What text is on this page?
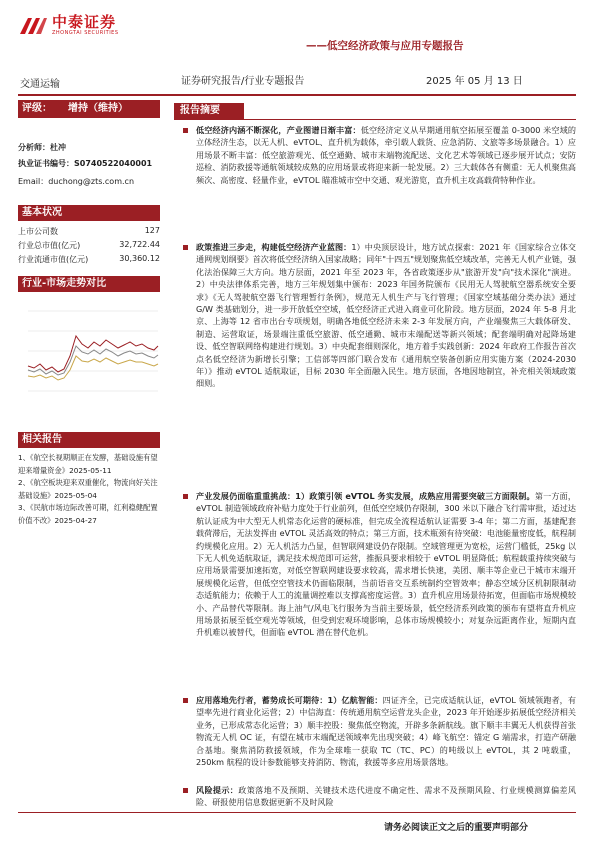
中泰证券
ZHONGTAI SECURITIES
——低空经济政策与应用专题报告
交通运输	证券研究报告/行业专题报告	2025 年 05 月 13 日
评级： 增持（维持）
分析师：杜冲
执业证书编号：S0740522040001
Email：duchong@zts.com.cn
基本状况
上市公司数	127
行业总市值(亿元)	32,722.44
行业流通市值(亿元)	30,360.12
行业-市场走势对比
相关报告
1、《航空长视期顺正在发酵，基础设施有望迎来增量资金》2025-05-11
2、《航空板块迎来双重催化，物流向好关注基础设施》2025-05-04
3、《民航市场边际改善可期，红利稳健配置价值不改》2025-04-27
报告摘要

低空经济内涵不断深化，产业图谱日渐丰富：低空经济定义从早期通用航空拓展至覆盖 0-3000 米空域的立体经济生态，以无人机、eVTOL、直升机为载体，牵引载人载货、应急消防、文旅等多场景融合。1）应用场景不断丰富：低空旅游观光、低空通勤、城市末端物流配送、文化艺术等领域已逐步展开试点；安防巡检、消防救援等通航领域较成熟的应用场景或将迎来新一轮发展。2）三大载体各有侧重：无人机聚焦高频次、高密度、轻量作业，eVTOL 瞄准城市空中交通、观光游览，直升机主攻高载荷特种作业。

政策推进三步走，构建低空经济产业蓝图：1）中央顶层设计，地方试点探索：2021 年《国家综合立体交通网规划纲要》首次将低空经济纳入国家战略；同年"十四五"规划聚焦低空域改革，完善无人机产业链，强化法治保障三大方向。地方层面，2021 年至 2023 年，各省政策逐步从"旅游开发"向"技术深化"演进。2）中央法律体系完善，地方三年规划集中颁布：2023 年国务院颁布《民用无人驾驶航空器系统安全要求》《无人驾驶航空器飞行管理暂行条例》，规范无人机生产与飞行管理；《国家空域基础分类办法》通过 G/W 类基础划分，进一步开放低空空域，低空经济正式进入商业可化阶段。地方层面，2024 年 5-8 月北京、上海等 12 省市出台专项规划，明确各地低空经济未来 2-3 年发展方向，产业端聚焦三大载体研发、制造、运营取证，场景端注重低空旅游、低空通勤、城市末端配送等新兴领域；配套端明确对起降场建设、低空智联网络构建进行规划。3）中央配套细则深化，地方着手实践创新：2024 年政府工作报告首次点名低空经济为新增长引擎；工信部等四部门联合发布《通用航空装备创新应用实施方案（2024-2030 年）》推动 eVTOL 适航取证，目标 2030 年全面融入民生。地方层面，各地因地制宜，补充相关领域政策细则。

产业发展仍面临重重挑战：1）政策引领 eVTOL 务实发展，成熟应用需要突破三方面限制。第一方面，eVTOL 制造领域政府补贴力度处于行业前列，但低空空域仍存限制，300 米以下融合飞行需审批，适过达航认证成为中大型无人机常态化运营的硬标准，但完成全流程适航认证需要 3-4 年；第二方面，基建配套载荷滞后，无法发挥由 eVTOL 灵活高效的特点；第三方面，技术瓶颈有待突破：电池能量密度低，航程制约规模化应用。2）无人机活力凸显，但智联网建设仍存限制。空域管理更为宽松，运营门槛低，25kg 以下无人机免适航取证，满足技术规范即可运营，推振具要求相较于 eVTOL 明显降低；航程载重持续突破与应用场景需要加速拓宽，对低空智联网建设要求较高，需求增长快速，美团、顺丰等企业已于城市末端开展规模化运营，但低空空管技术仍面临限制，当前语音交互系统制约空管效率；静态空域分区机制限制动态适航能力；依赖于人工的流量调控难以支撑高密度运营。3）直升机应用场景待拓宽，但面临市场规模较小、产品替代等限制。海上油气/风电飞行服务为当前主要场景，低空经济系列政策的颁布有望将直升机应用场景拓展至低空观光等领域，但受到宏观环境影响，总体市场规模较小；对复杂远距离作业，短期内直升机难以被替代，但面临 eVTOL 潜在替代危机。

应用落地先行者，蓄势成长可期待：1）亿航智能：四证齐全，已完成适航认证，eVTOL 领域领跑者，有望率先进行商业化运营；2）中信海直：传统通用航空运营龙头企业，2023 年开始逐步拓展低空经济相关业务，已形成常态化运营；3）顺丰控股：聚焦低空物流，开辟多条新航线。旗下顺丰丰翼无人机获得首张物流无人机 OC 证，有望在城市末端配送领域率先出现突破；4）峰飞航空：锚定 G 端需求，打造产研融合基地。聚焦消防救援领域，作为全球唯一获取 TC（TC、PC）的吨级以上 eVTOL，其 2 吨载重，250km 航程的设计参数能够支持消防、物流，救援等多应用场景落地。

风险提示：政策落地不及预期、关键技术迭代进度不确定性、需求不及预期风险、行业规模测算偏差风险、研报使用信息数据更新不及时风险

请务必阅读正文之后的重要声明部分
